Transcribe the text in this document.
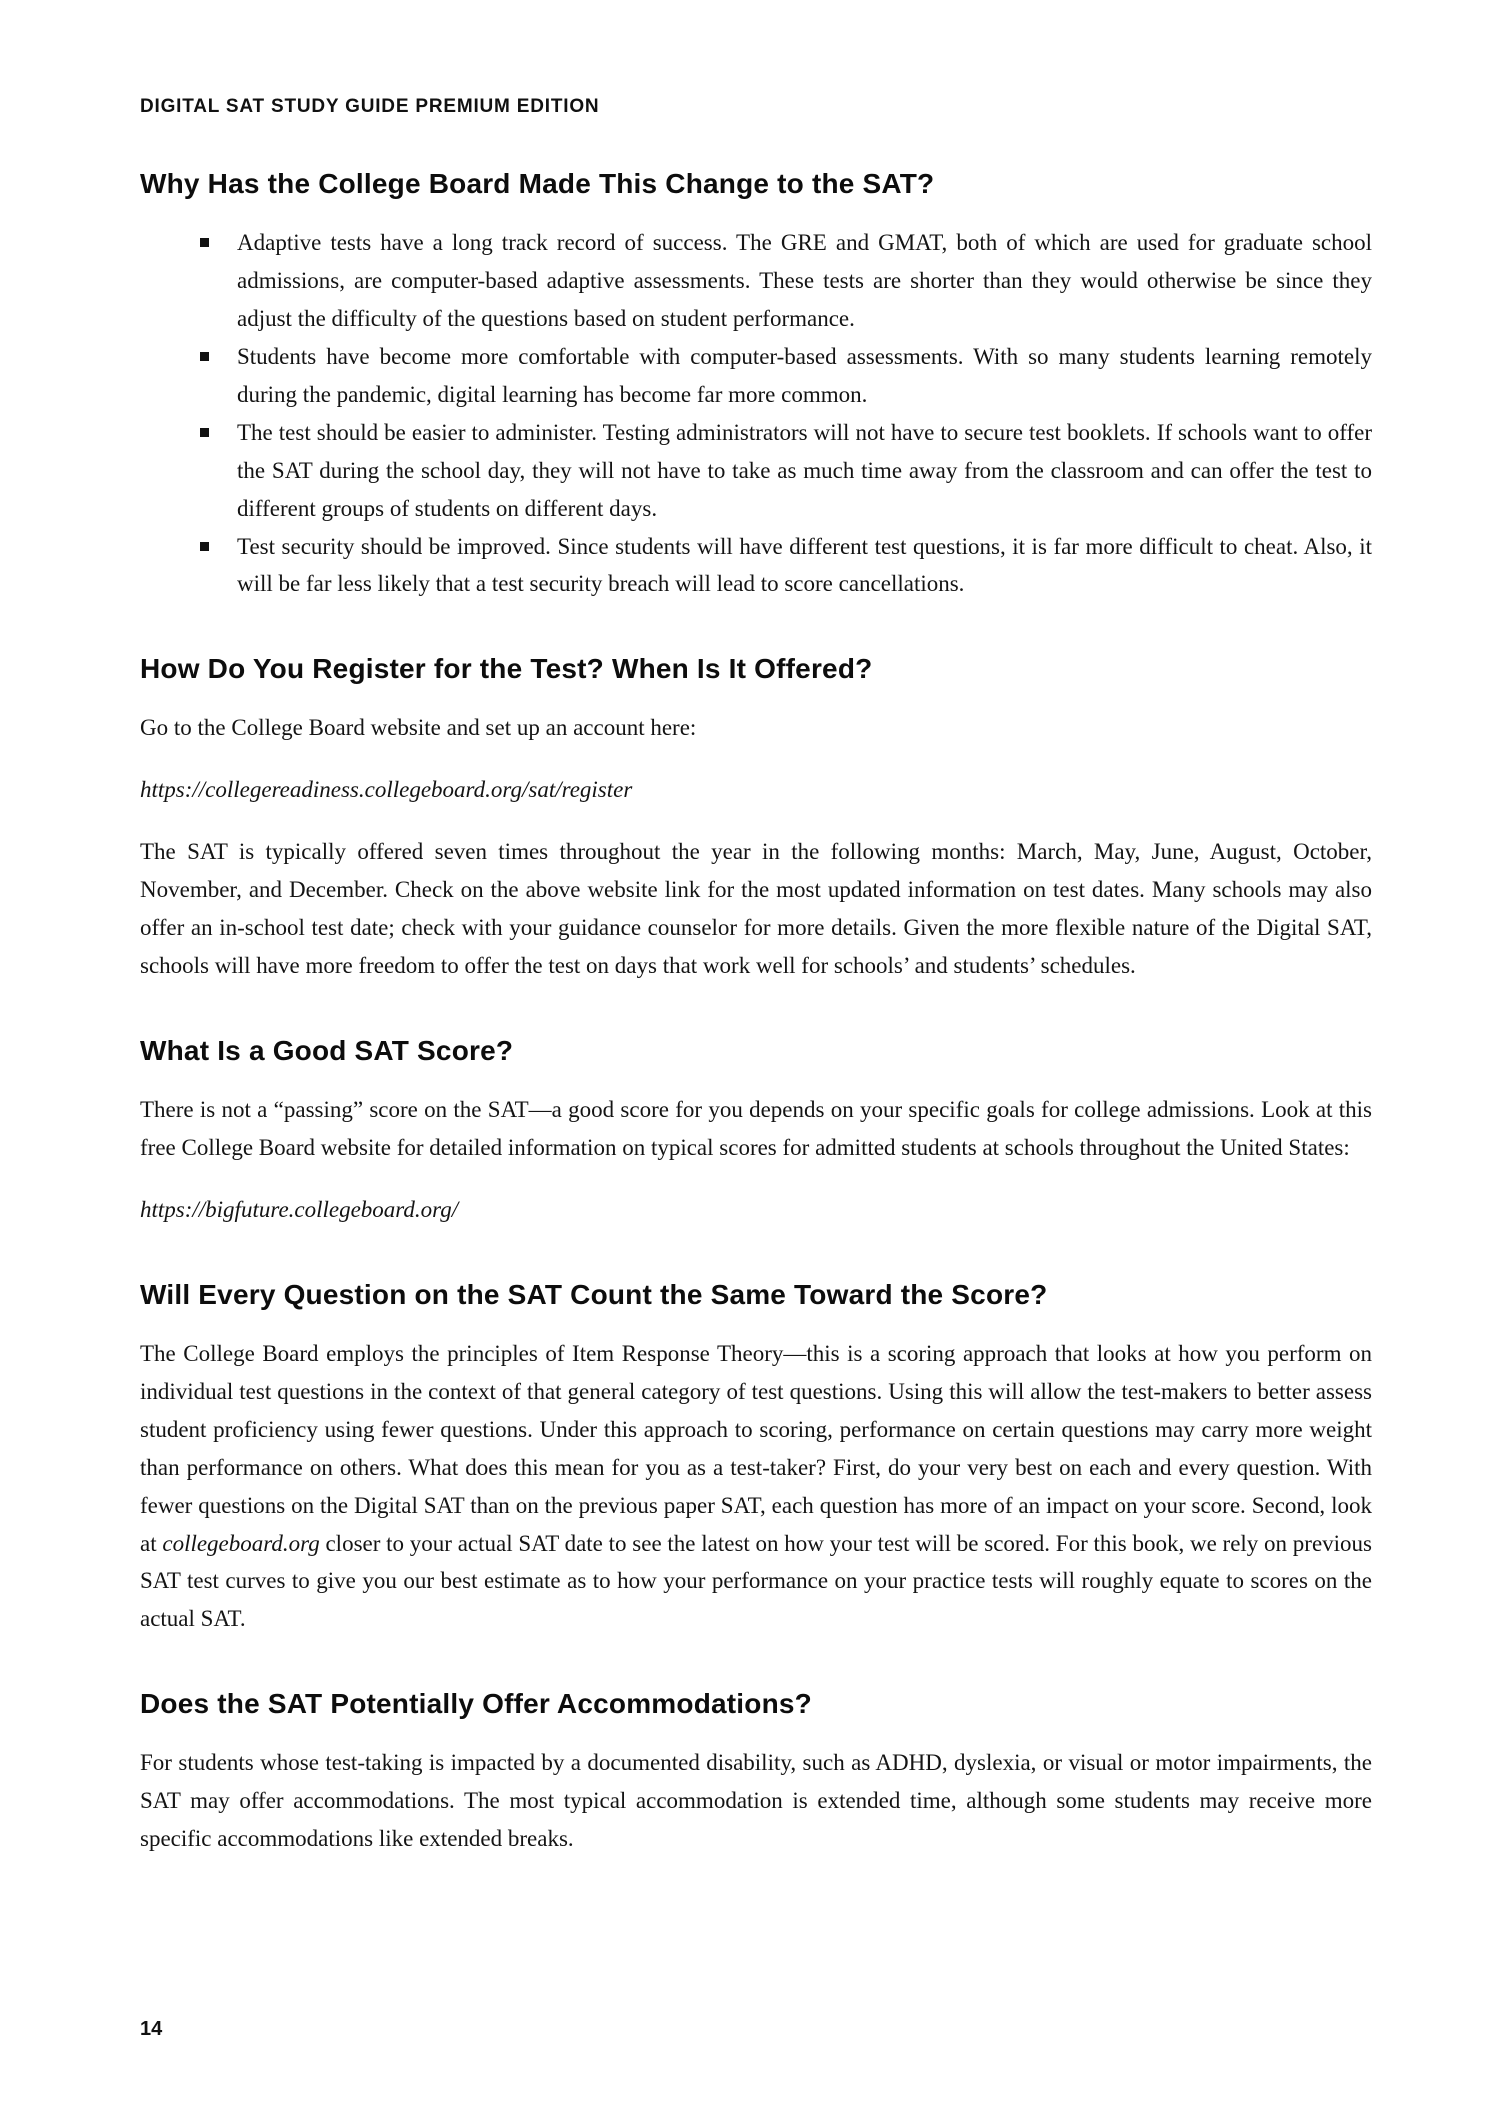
DIGITAL SAT STUDY GUIDE PREMIUM EDITION
Why Has the College Board Made This Change to the SAT?
Adaptive tests have a long track record of success. The GRE and GMAT, both of which are used for graduate school admissions, are computer-based adaptive assessments. These tests are shorter than they would otherwise be since they adjust the difficulty of the questions based on student performance.
Students have become more comfortable with computer-based assessments. With so many students learning remotely during the pandemic, digital learning has become far more common.
The test should be easier to administer. Testing administrators will not have to secure test booklets. If schools want to offer the SAT during the school day, they will not have to take as much time away from the classroom and can offer the test to different groups of students on different days.
Test security should be improved. Since students will have different test questions, it is far more difficult to cheat. Also, it will be far less likely that a test security breach will lead to score cancellations.
How Do You Register for the Test? When Is It Offered?

Go to the College Board website and set up an account here:

https://collegereadiness.collegeboard.org/sat/register

The SAT is typically offered seven times throughout the year in the following months: March, May, June, August, October, November, and December. Check on the above website link for the most updated information on test dates. Many schools may also offer an in-school test date; check with your guidance counselor for more details. Given the more flexible nature of the Digital SAT, schools will have more freedom to offer the test on days that work well for schools’ and students’ schedules.

What Is a Good SAT Score?

There is not a “passing” score on the SAT—a good score for you depends on your specific goals for college admissions. Look at this free College Board website for detailed information on typical scores for admitted students at schools throughout the United States:

https://bigfuture.collegeboard.org/

Will Every Question on the SAT Count the Same Toward the Score?

The College Board employs the principles of Item Response Theory—this is a scoring approach that looks at how you perform on individual test questions in the context of that general category of test questions. Using this will allow the test-makers to better assess student proficiency using fewer questions. Under this approach to scoring, performance on certain questions may carry more weight than performance on others. What does this mean for you as a test-taker? First, do your very best on each and every question. With fewer questions on the Digital SAT than on the previous paper SAT, each question has more of an impact on your score. Second, look at collegeboard.org closer to your actual SAT date to see the latest on how your test will be scored. For this book, we rely on previous SAT test curves to give you our best estimate as to how your performance on your practice tests will roughly equate to scores on the actual SAT.

Does the SAT Potentially Offer Accommodations?

For students whose test-taking is impacted by a documented disability, such as ADHD, dyslexia, or visual or motor impairments, the SAT may offer accommodations. The most typical accommodation is extended time, although some students may receive more specific accommodations like extended breaks.

14
